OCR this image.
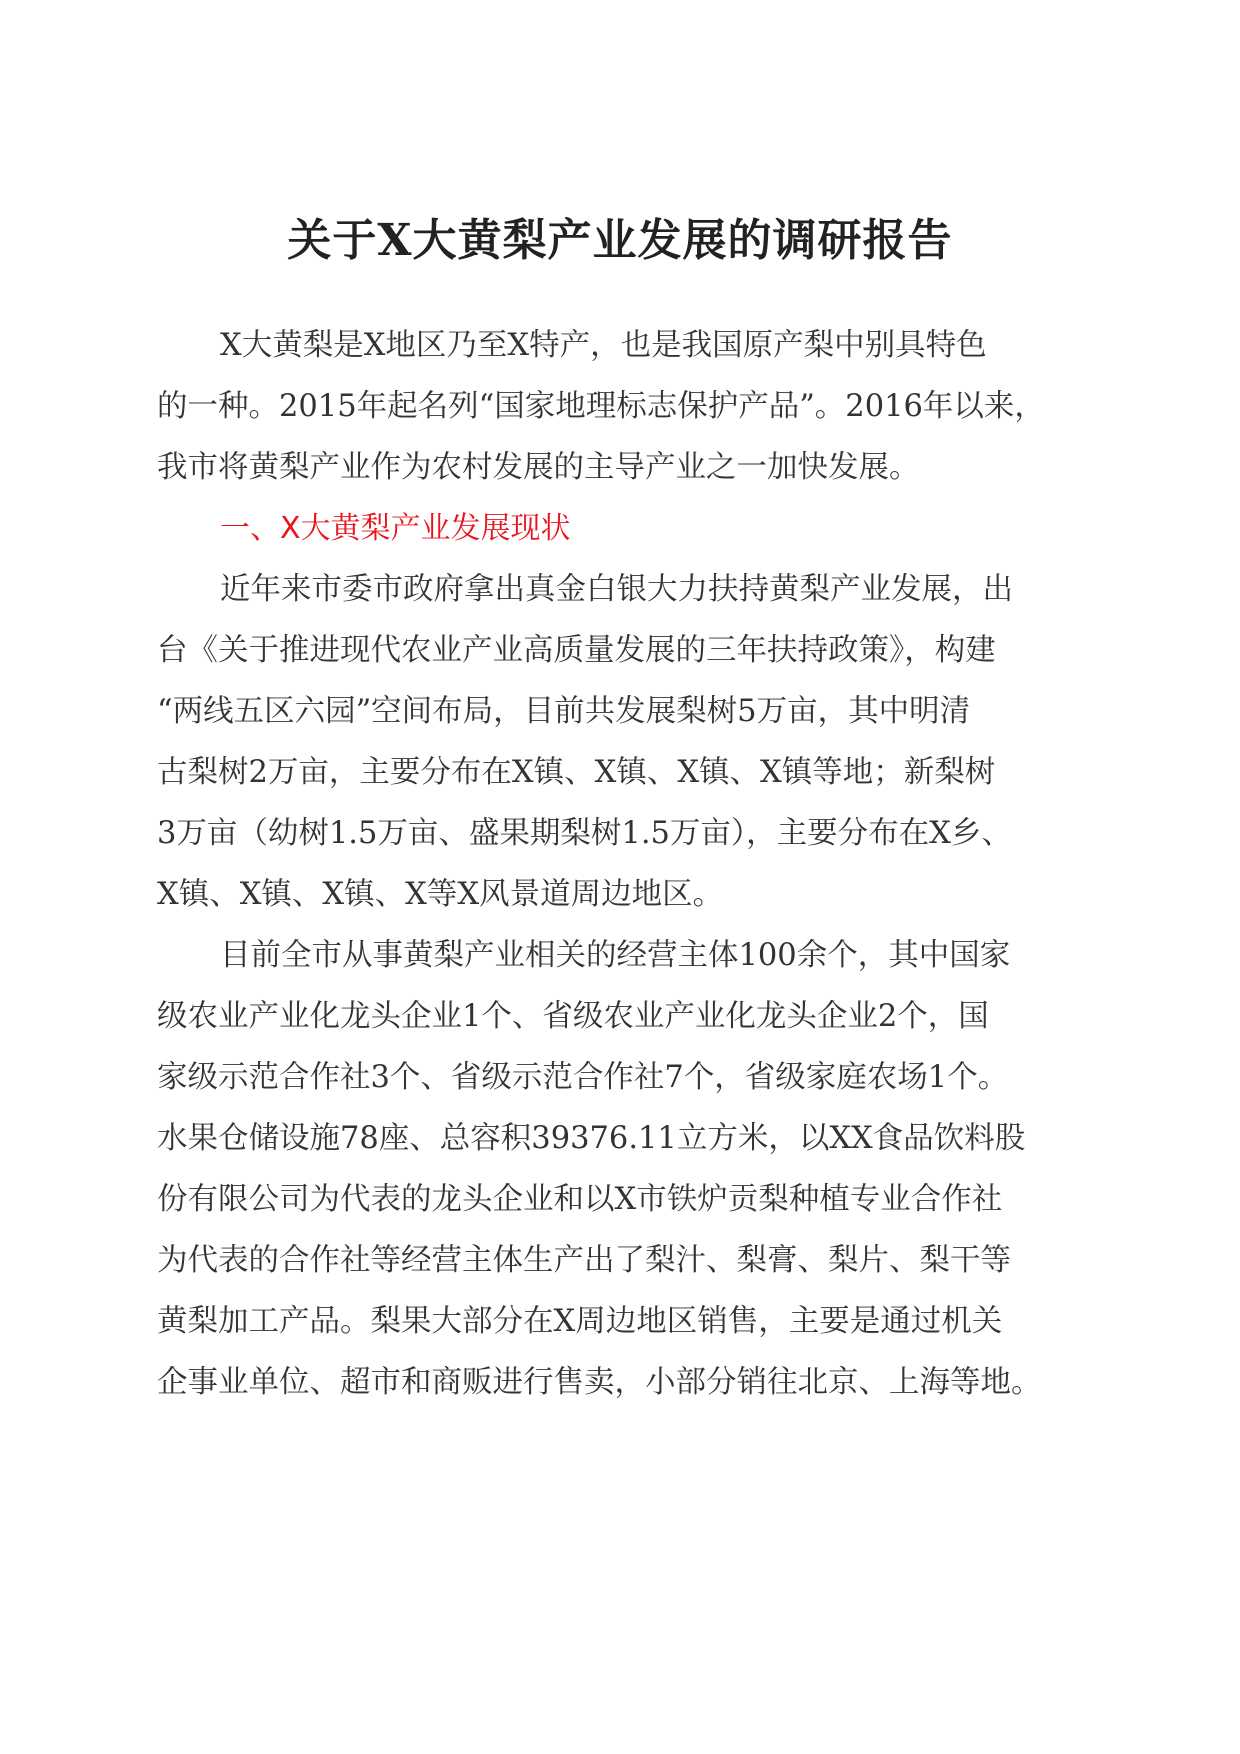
关于X大黄梨产业发展的调研报告
X大黄梨是X地区乃至X特产，也是我国原产梨中别具特色
的一种。2015年起名列“国家地理标志保护产品”。2016年以来，
我市将黄梨产业作为农村发展的主导产业之一加快发展。
一、X大黄梨产业发展现状
近年来市委市政府拿出真金白银大力扶持黄梨产业发展，出
台《关于推进现代农业产业高质量发展的三年扶持政策》，构建
“两线五区六园”空间布局，目前共发展梨树5万亩，其中明清
古梨树2万亩，主要分布在X镇、X镇、X镇、X镇等地；新梨树
3万亩（幼树1.5万亩、盛果期梨树1.5万亩），主要分布在X乡、
X镇、X镇、X镇、X等X风景道周边地区。
目前全市从事黄梨产业相关的经营主体100余个，其中国家
级农业产业化龙头企业1个、省级农业产业化龙头企业2个，国
家级示范合作社3个、省级示范合作社7个，省级家庭农场1个。
水果仓储设施78座、总容积39376.11立方米，以XX食品饮料股
份有限公司为代表的龙头企业和以X市铁炉贡梨种植专业合作社
为代表的合作社等经营主体生产出了梨汁、梨膏、梨片、梨干等
黄梨加工产品。梨果大部分在X周边地区销售，主要是通过机关
企事业单位、超市和商贩进行售卖，小部分销往北京、上海等地。
